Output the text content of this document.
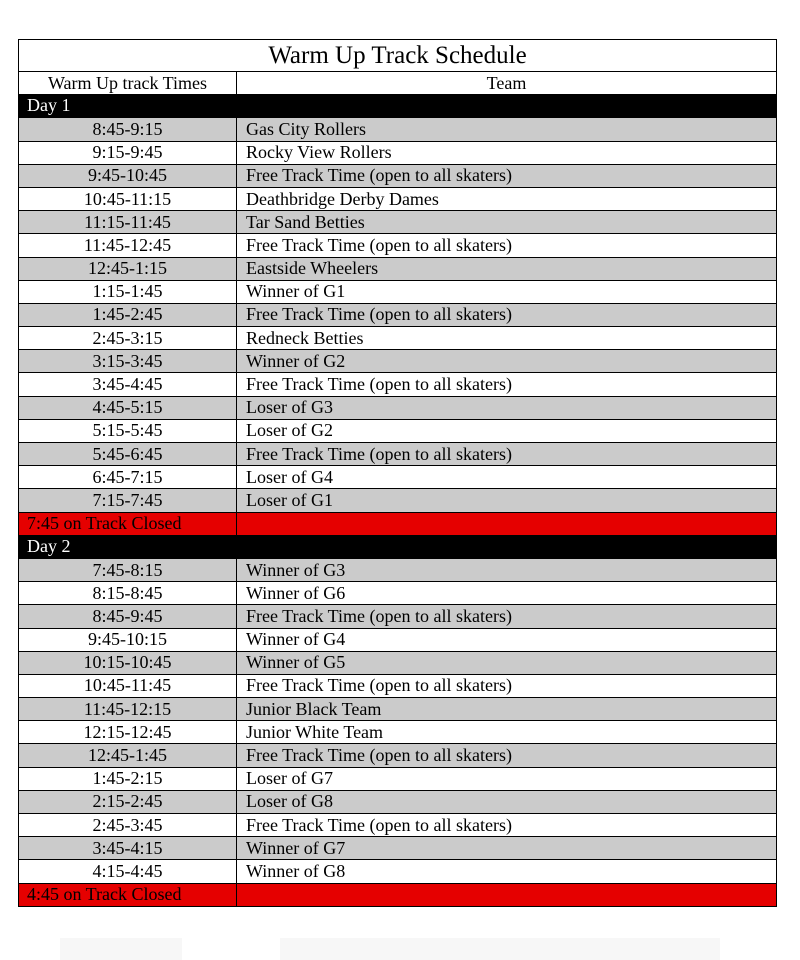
Warm Up Track Schedule
Warm Up track Times	Team
Day 1
8:45-9:15	Gas City Rollers
9:15-9:45	Rocky View Rollers
9:45-10:45	Free Track Time (open to all skaters)
10:45-11:15	Deathbridge Derby Dames
11:15-11:45	Tar Sand Betties
11:45-12:45	Free Track Time (open to all skaters)
12:45-1:15	Eastside Wheelers
1:15-1:45	Winner of G1
1:45-2:45	Free Track Time (open to all skaters)
2:45-3:15	Redneck Betties
3:15-3:45	Winner of G2
3:45-4:45	Free Track Time (open to all skaters)
4:45-5:15	Loser of G3
5:15-5:45	Loser of G2
5:45-6:45	Free Track Time (open to all skaters)
6:45-7:15	Loser of G4
7:15-7:45	Loser of G1
7:45 on Track Closed
Day 2
7:45-8:15	Winner of G3
8:15-8:45	Winner of G6
8:45-9:45	Free Track Time (open to all skaters)
9:45-10:15	Winner of G4
10:15-10:45	Winner of G5
10:45-11:45	Free Track Time (open to all skaters)
11:45-12:15	Junior Black Team
12:15-12:45	Junior White Team
12:45-1:45	Free Track Time (open to all skaters)
1:45-2:15	Loser of G7
2:15-2:45	Loser of G8
2:45-3:45	Free Track Time (open to all skaters)
3:45-4:15	Winner of G7
4:15-4:45	Winner of G8
4:45 on Track Closed
